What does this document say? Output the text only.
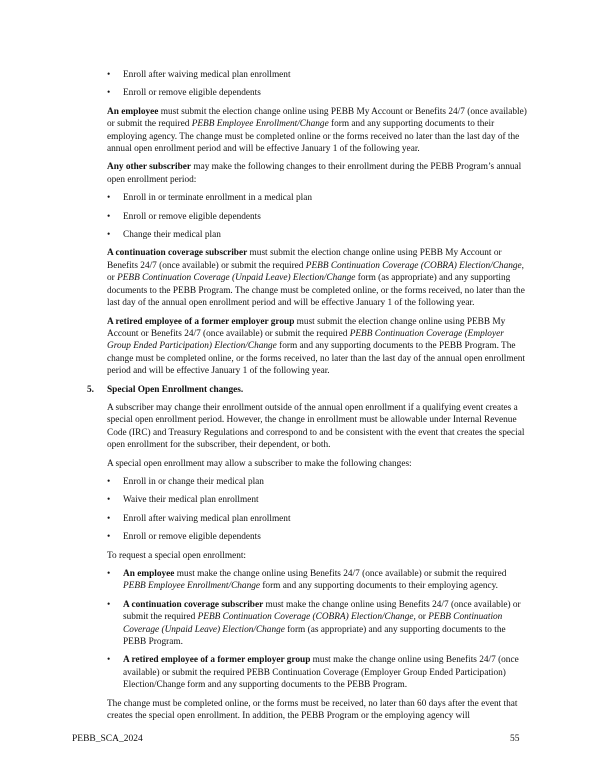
• Enroll after waiving medical plan enrollment
• Enroll or remove eligible dependents
An employee must submit the election change online using PEBB My Account or Benefits 24/7 (once available) or submit the required PEBB Employee Enrollment/Change form and any supporting documents to their employing agency. The change must be completed online or the forms received no later than the last day of the annual open enrollment period and will be effective January 1 of the following year.
Any other subscriber may make the following changes to their enrollment during the PEBB Program’s annual open enrollment period:
• Enroll in or terminate enrollment in a medical plan
• Enroll or remove eligible dependents
• Change their medical plan
A continuation coverage subscriber must submit the election change online using PEBB My Account or Benefits 24/7 (once available) or submit the required PEBB Continuation Coverage (COBRA) Election/Change, or PEBB Continuation Coverage (Unpaid Leave) Election/Change form (as appropriate) and any supporting documents to the PEBB Program. The change must be completed online, or the forms received, no later than the last day of the annual open enrollment period and will be effective January 1 of the following year.
A retired employee of a former employer group must submit the election change online using PEBB My Account or Benefits 24/7 (once available) or submit the required PEBB Continuation Coverage (Employer Group Ended Participation) Election/Change form and any supporting documents to the PEBB Program. The change must be completed online, or the forms received, no later than the last day of the annual open enrollment period and will be effective January 1 of the following year.
5. Special Open Enrollment changes.
A subscriber may change their enrollment outside of the annual open enrollment if a qualifying event creates a special open enrollment period. However, the change in enrollment must be allowable under Internal Revenue Code (IRC) and Treasury Regulations and correspond to and be consistent with the event that creates the special open enrollment for the subscriber, their dependent, or both.
A special open enrollment may allow a subscriber to make the following changes:
• Enroll in or change their medical plan
• Waive their medical plan enrollment
• Enroll after waiving medical plan enrollment
• Enroll or remove eligible dependents
To request a special open enrollment:
• An employee must make the change online using Benefits 24/7 (once available) or submit the required PEBB Employee Enrollment/Change form and any supporting documents to their employing agency.
• A continuation coverage subscriber must make the change online using Benefits 24/7 (once available) or submit the required PEBB Continuation Coverage (COBRA) Election/Change, or PEBB Continuation Coverage (Unpaid Leave) Election/Change form (as appropriate) and any supporting documents to the PEBB Program.
• A retired employee of a former employer group must make the change online using Benefits 24/7 (once available) or submit the required PEBB Continuation Coverage (Employer Group Ended Participation) Election/Change form and any supporting documents to the PEBB Program.
The change must be completed online, or the forms must be received, no later than 60 days after the event that creates the special open enrollment. In addition, the PEBB Program or the employing agency will
PEBB_SCA_2024	55
